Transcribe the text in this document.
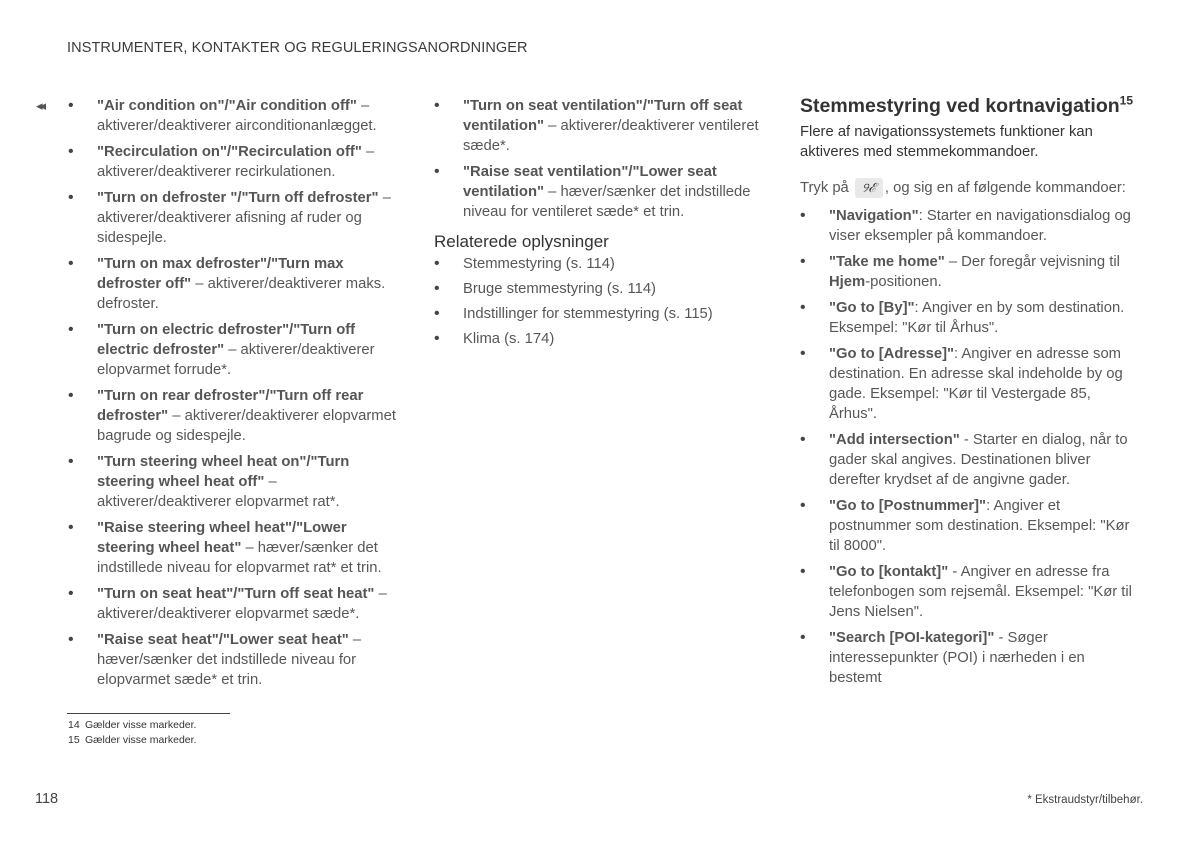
INSTRUMENTER, KONTAKTER OG REGULERINGSANORDNINGER
◂◂
•	"Air condition on"/"Air condition off" – aktiverer/deaktiverer airconditionanlægget.
• "Recirculation on"/"Recirculation off" – aktiverer/deaktiverer recirkulationen.
• "Turn on defroster "/"Turn off defroster" – aktiverer/deaktiverer afisning af ruder og sidespejle.
• "Turn on max defroster"/"Turn max defroster off" – aktiverer/deaktiverer maks. defroster.
• "Turn on electric defroster"/"Turn off electric defroster" – aktiverer/deaktiverer elopvarmet forrude*.
• "Turn on rear defroster"/"Turn off rear defroster" – aktiverer/deaktiverer elopvarmet bagrude og sidespejle.
• "Turn steering wheel heat on"/"Turn steering wheel heat off" – aktiverer/deaktiverer elopvarmet rat*.
• "Raise steering wheel heat"/"Lower steering wheel heat" – hæver/sænker det indstillede niveau for elopvarmet rat* et trin.
• "Turn on seat heat"/"Turn off seat heat" – aktiverer/deaktiverer elopvarmet sæde*.
• "Raise seat heat"/"Lower seat heat" – hæver/sænker det indstillede niveau for elopvarmet sæde* et trin.
• "Turn on seat ventilation"/"Turn off seat ventilation" – aktiverer/deaktiverer ventileret sæde*.
• "Raise seat ventilation"/"Lower seat ventilation" – hæver/sænker det indstillede niveau for ventileret sæde* et trin.
Relaterede oplysninger
• Stemmestyring (s. 114)
• Bruge stemmestyring (s. 114)
• Indstillinger for stemmestyring (s. 115)
• Klima (s. 174)
Stemmestyring ved kortnavigation$^{15}$

Flere af navigationssystemets funktioner kan aktiveres med stemmekommandoer.

Tryk på ୨ℰ , og sig en af følgende kommandoer:

• "Navigation": Starter en navigationsdialog og viser eksempler på kommandoer.
• "Take me home" – Der foregår vejvisning til Hjem-positionen.
• "Go to [By]": Angiver en by som destination. Eksempel: "Kør til Århus".
• "Go to [Adresse]": Angiver en adresse som destination. En adresse skal indeholde by og gade. Eksempel: "Kør til Vestergade 85, Århus".
• "Add intersection" - Starter en dialog, når to gader skal angives. Destinationen bliver derefter krydset af de angivne gader.
• "Go to [Postnummer]": Angiver et postnummer som destination. Eksempel: "Kør til 8000".
• "Go to [kontakt]" - Angiver en adresse fra telefonbogen som rejsemål. Eksempel: "Kør til Jens Nielsen".
• "Search [POI-kategori]" - Søger interessepunkter (POI) i nærheden i en bestemt
14 Gælder visse markeder.
15 Gælder visse markeder.
118	* Ekstraudstyr/tilbehør.
